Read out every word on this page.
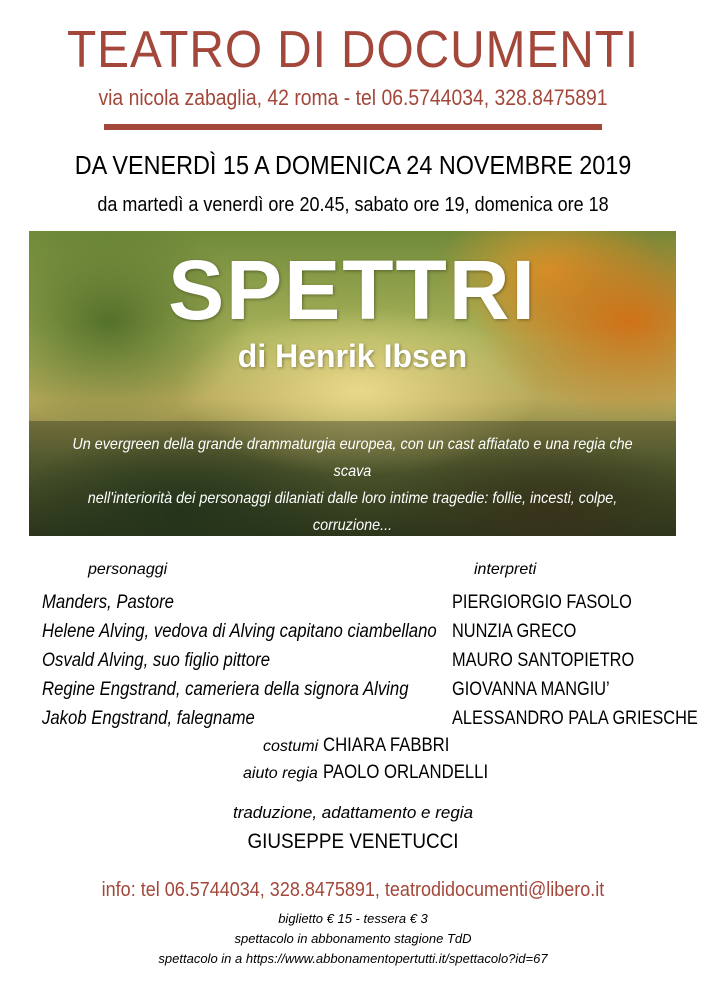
TEATRO DI DOCUMENTI
via nicola zabaglia, 42 roma - tel 06.5744034, 328.8475891
DA VENERDÌ 15 A DOMENICA 24 NOVEMBRE 2019
da martedì a venerdì ore 20.45, sabato ore 19, domenica ore 18
SPETTRI
di Henrik Ibsen
Un evergreen della grande drammaturgia europea, con un cast affiatato e una regia che scava
nell'interiorità dei personaggi dilaniati dalle loro intime tragedie: follie, incesti, colpe, corruzione...
Uno spettacolo che si interroga sulla sorte dell'Uomo e chiama lo spettatore a prendere posizione.
personaggi	interpreti
Manders, Pastore
Helene Alving, vedova di Alving capitano ciambellano
Osvald Alving, suo figlio pittore
Regine Engstrand, cameriera della signora Alving
Jakob Engstrand, falegname
PIERGIORGIO FASOLO
NUNZIA GRECO
MAURO SANTOPIETRO
GIOVANNA MANGIU’
ALESSANDRO PALA GRIESCHE
costumi CHIARA FABBRI
aiuto regia PAOLO ORLANDELLI
traduzione, adattamento e regia
GIUSEPPE VENETUCCI
info: tel 06.5744034, 328.8475891, teatrodidocumenti@libero.it
biglietto € 15 - tessera € 3
spettacolo in abbonamento stagione TdD
spettacolo in a https://www.abbonamentopertutti.it/spettacolo?id=67
